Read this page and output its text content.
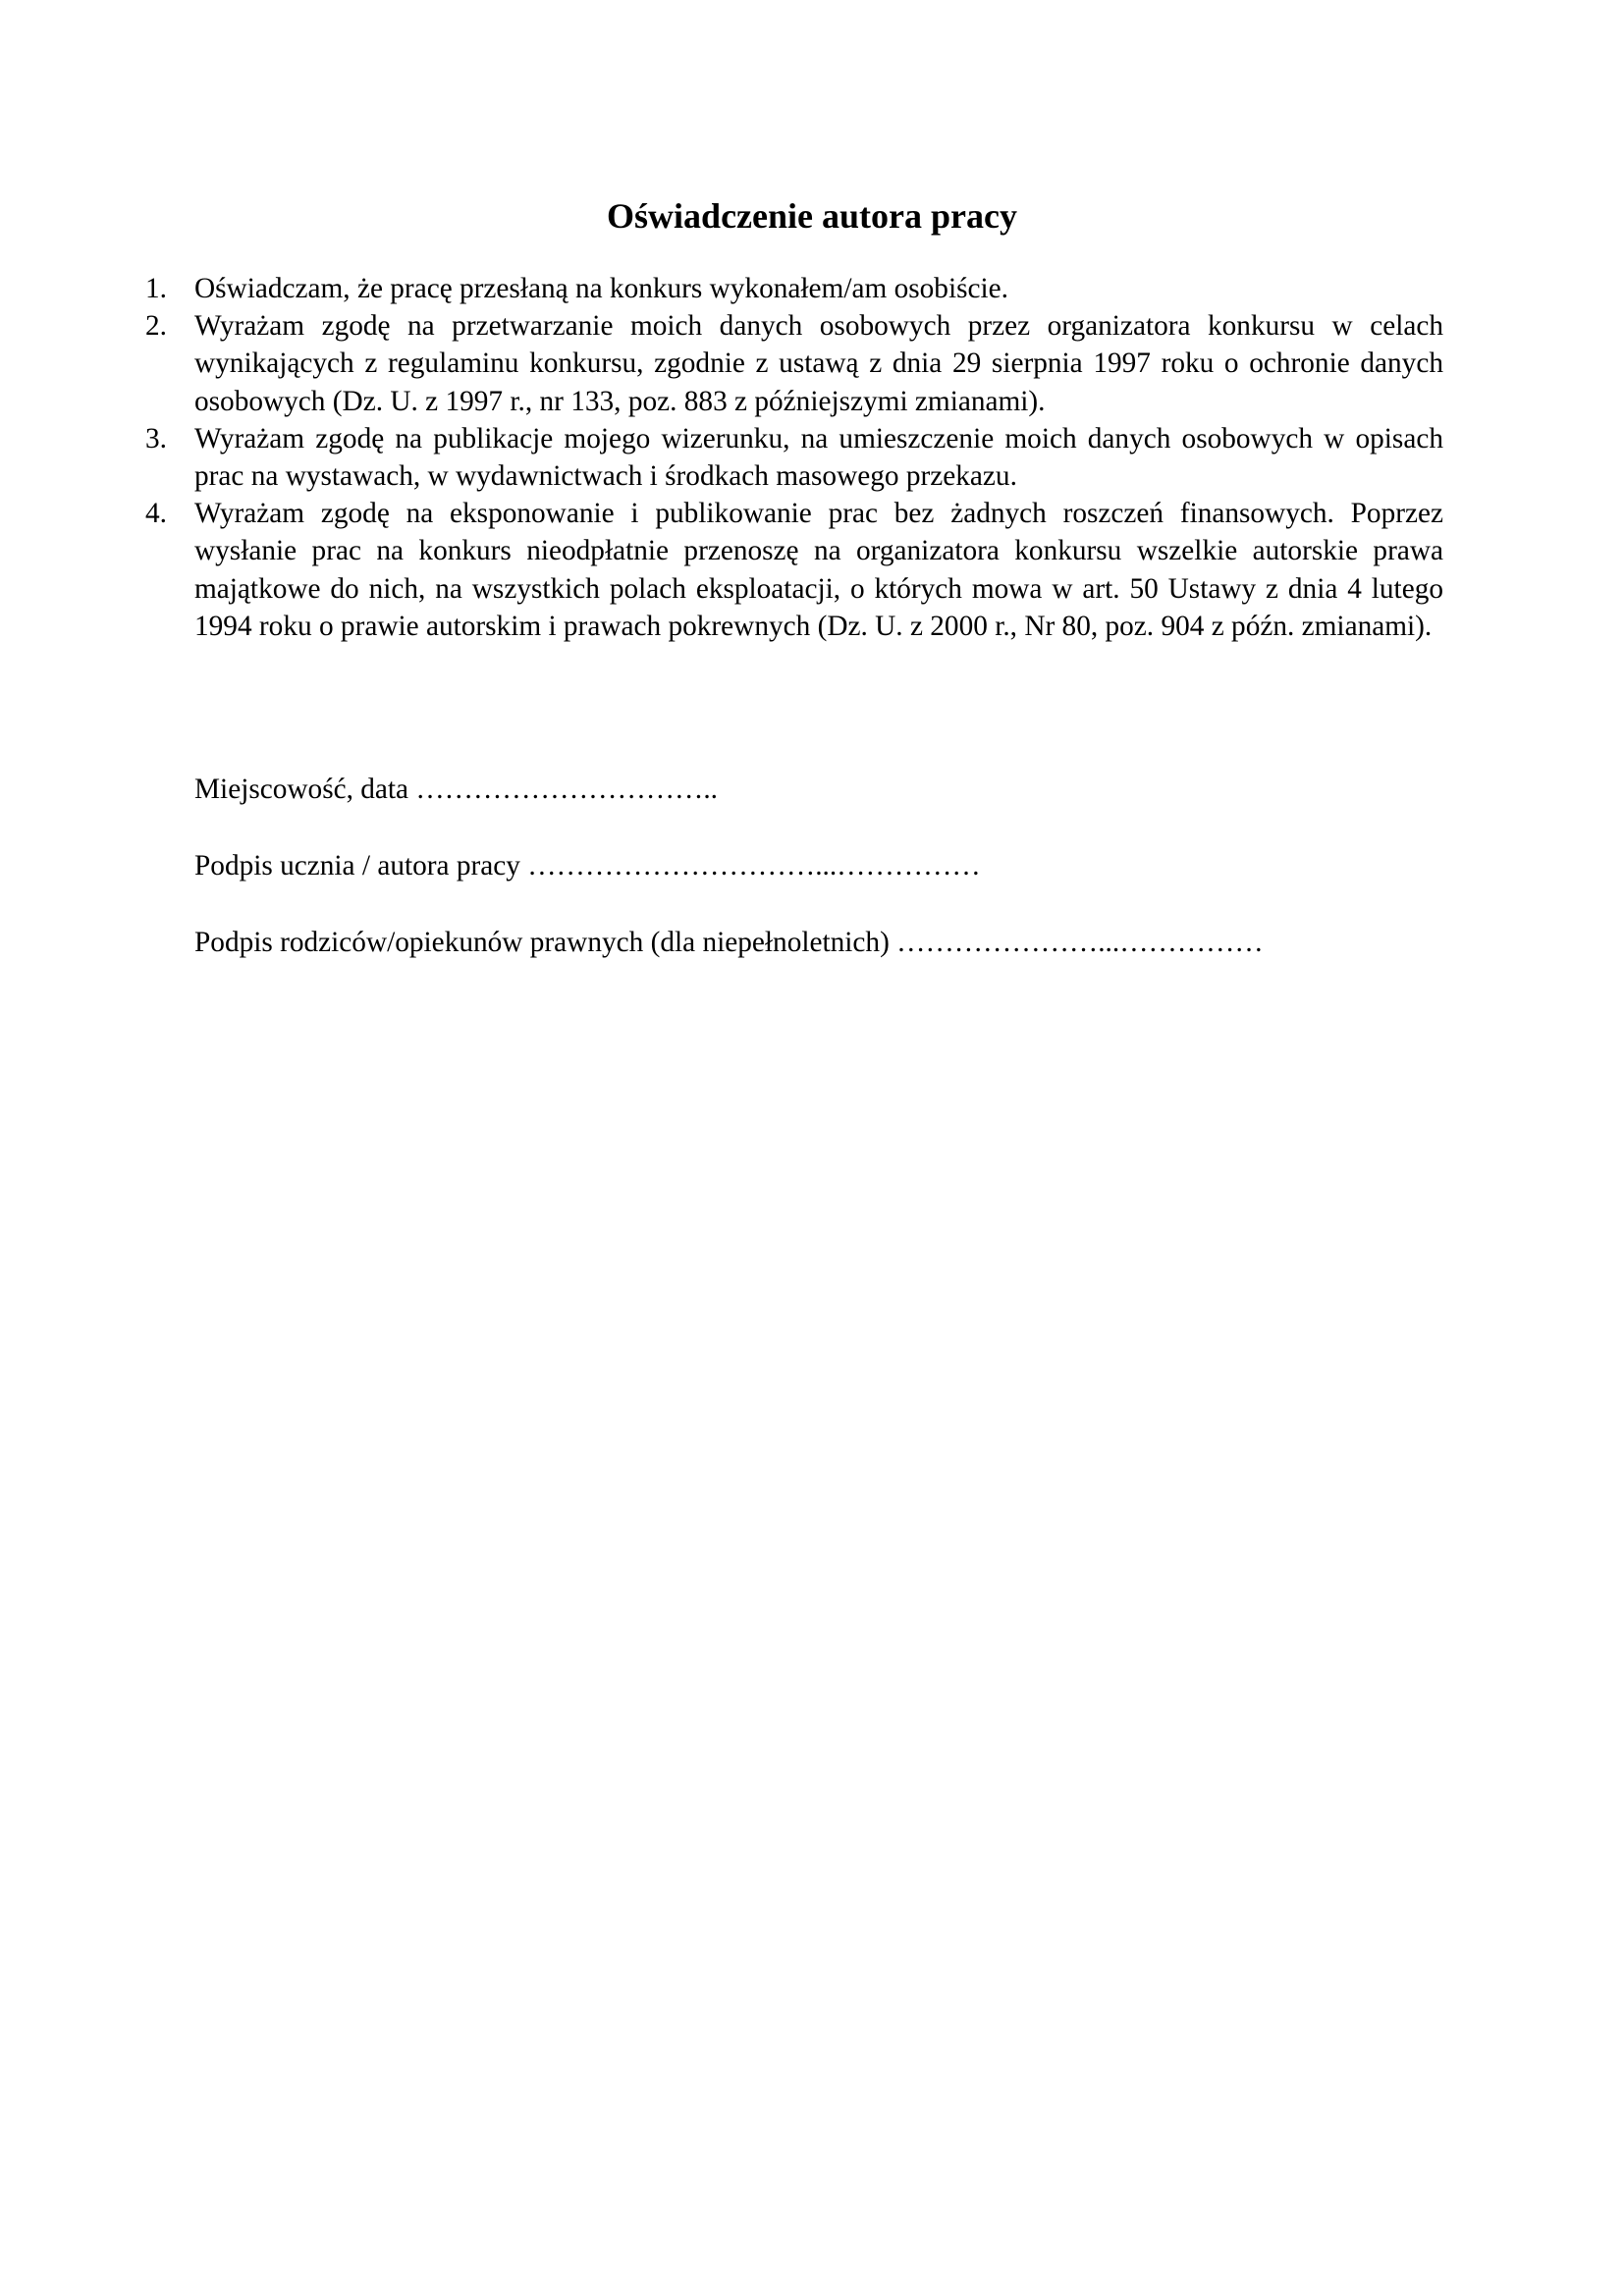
Oświadczenie autora pracy
1. Oświadczam, że pracę przesłaną na konkurs wykonałem/am osobiście.
2. Wyrażam zgodę na przetwarzanie moich danych osobowych przez organizatora konkursu w celach wynikających z regulaminu konkursu, zgodnie z ustawą z dnia 29 sierpnia 1997 roku o ochronie danych osobowych (Dz. U. z 1997 r., nr 133, poz. 883 z późniejszymi zmianami).
3. Wyrażam zgodę na publikacje mojego wizerunku, na umieszczenie moich danych osobowych w opisach prac na wystawach, w wydawnictwach i środkach masowego przekazu.
4. Wyrażam zgodę na eksponowanie i publikowanie prac bez żadnych roszczeń finansowych. Poprzez wysłanie prac na konkurs nieodpłatnie przenoszę na organizatora konkursu wszelkie autorskie prawa majątkowe do nich, na wszystkich polach eksploatacji, o których mowa w art. 50 Ustawy z dnia 4 lutego 1994 roku o prawie autorskim i prawach pokrewnych (Dz. U. z 2000 r., Nr 80, poz. 904 z późn. zmianami).

Miejscowość, data …………………………..

Podpis ucznia / autora pracy …………………………...……………

Podpis rodziców/opiekunów prawnych (dla niepełnoletnich) …………………...……………
